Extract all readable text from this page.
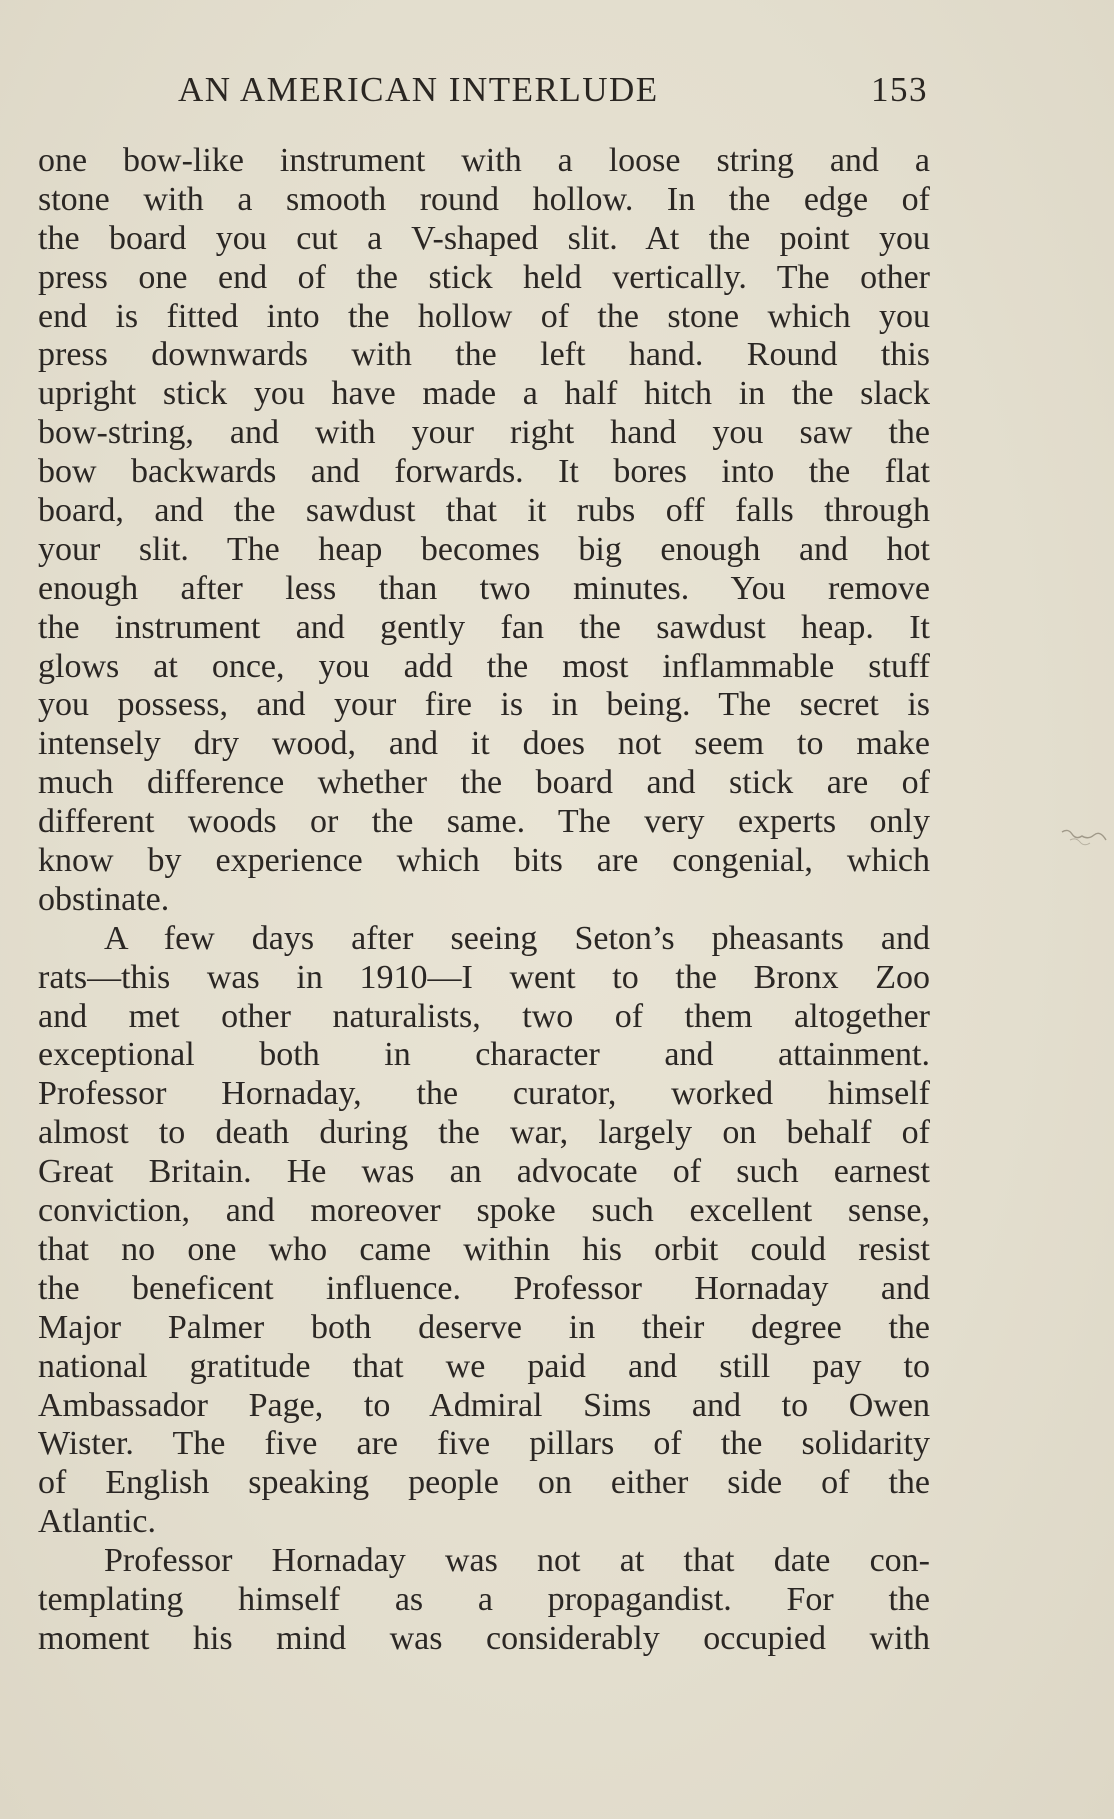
AN AMERICAN INTERLUDE	153
one bow-like instrument with a loose string and a
stone with a smooth round hollow. In the edge of
the board you cut a V-shaped slit. At the point you
press one end of the stick held vertically. The other
end is fitted into the hollow of the stone which you
press downwards with the left hand. Round this
upright stick you have made a half hitch in the slack
bow-string, and with your right hand you saw the
bow backwards and forwards. It bores into the flat
board, and the sawdust that it rubs off falls through
your slit. The heap becomes big enough and hot
enough after less than two minutes. You remove
the instrument and gently fan the sawdust heap. It
glows at once, you add the most inflammable stuff
you possess, and your fire is in being. The secret is
intensely dry wood, and it does not seem to make
much difference whether the board and stick are of
different woods or the same. The very experts only
know by experience which bits are congenial, which
obstinate.
A few days after seeing Seton’s pheasants and
rats—this was in 1910—I went to the Bronx Zoo
and met other naturalists, two of them altogether
exceptional both in character and attainment.
Professor Hornaday, the curator, worked himself
almost to death during the war, largely on behalf of
Great Britain. He was an advocate of such earnest
conviction, and moreover spoke such excellent sense,
that no one who came within his orbit could resist
the beneficent influence. Professor Hornaday and
Major Palmer both deserve in their degree the
national gratitude that we paid and still pay to
Ambassador Page, to Admiral Sims and to Owen
Wister. The five are five pillars of the solidarity
of English speaking people on either side of the
Atlantic.
Professor Hornaday was not at that date con-
templating himself as a propagandist. For the
moment his mind was considerably occupied with
